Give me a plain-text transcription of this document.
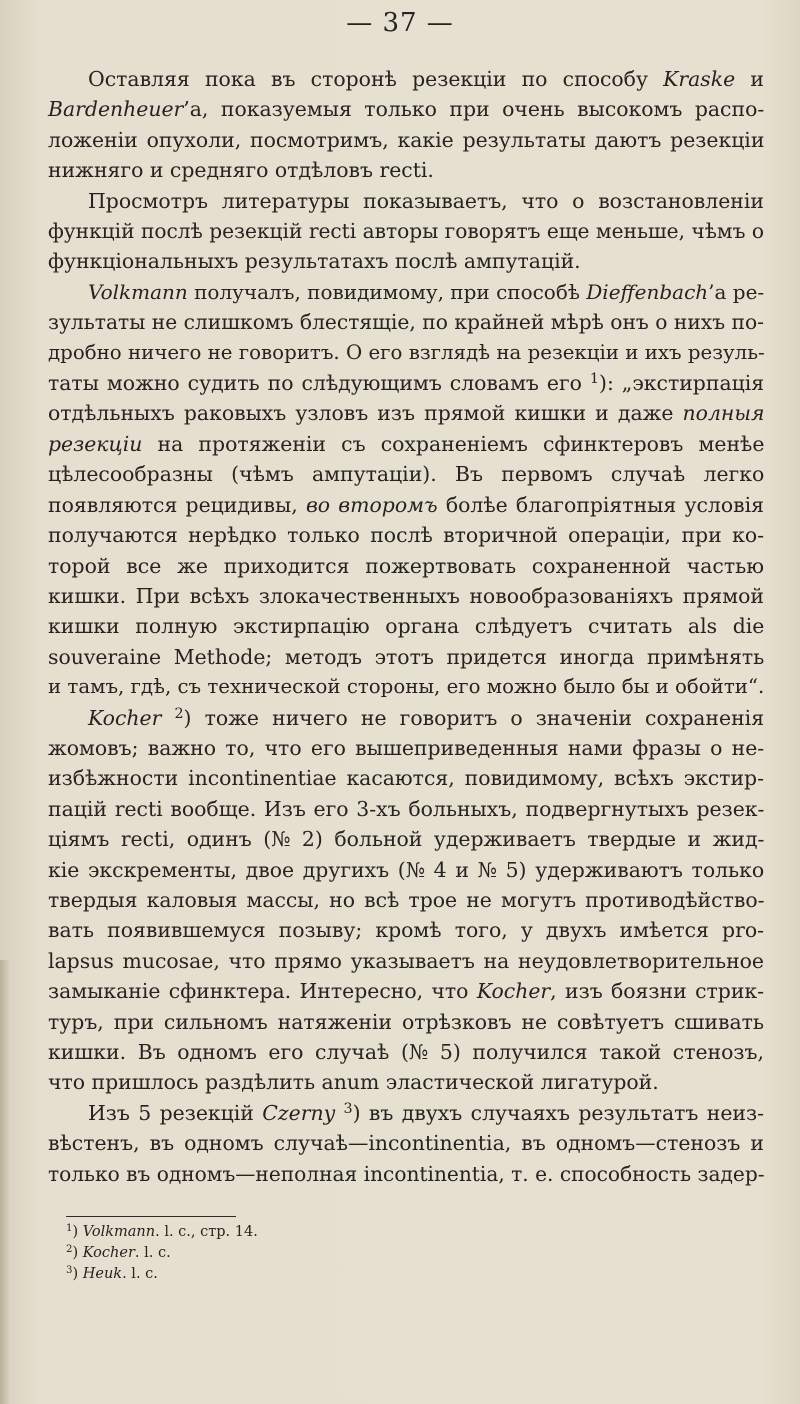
— 37 —
Оставляя пока въ сторонѣ резекціи по способу Kraske и
Bardenheuer’a, показуемыя только при очень высокомъ распо-
ложеніи опухоли, посмотримъ, какіе результаты даютъ резекціи
нижняго и средняго отдѣловъ recti.
Просмотръ литературы показываетъ, что о возстановленіи
функцій послѣ резекцій recti авторы говорятъ еще меньше, чѣмъ о
функціональныхъ результатахъ послѣ ампутацій.
Volkmann получалъ, повидимому, при способѣ Dieffenbach’a ре-
зультаты не слишкомъ блестящіе, по крайней мѣрѣ онъ о нихъ по-
дробно ничего не говоритъ. О его взглядѣ на резекціи и ихъ резуль-
таты можно судить по слѣдующимъ словамъ его $^1$): „экстирпація
отдѣльныхъ раковыхъ узловъ изъ прямой кишки и даже полныя
резекціи на протяженіи съ сохраненіемъ сфинктеровъ менѣе
цѣлесообразны (чѣмъ ампутаціи). Въ первомъ случаѣ легко
появляются рецидивы, во второмъ болѣе благопріятныя условія
получаются нерѣдко только послѣ вторичной операціи, при ко-
торой все же приходится пожертвовать сохраненной частью
кишки. При всѣхъ злокачественныхъ новообразованіяхъ прямой
кишки полную экстирпацію органа слѣдуетъ считать als die
souveraine Methode; методъ этотъ придется иногда примѣнять
и тамъ, гдѣ, съ технической стороны, его можно было бы и обойти“.
Kocher $^2$) тоже ничего не говоритъ о значеніи сохраненія
жомовъ; важно то, что его вышеприведенныя нами фразы о не-
избѣжности incontinentiae касаются, повидимому, всѣхъ экстир-
пацій recti вообще. Изъ его 3-хъ больныхъ, подвергнутыхъ резек-
ціямъ recti, одинъ (№ 2) больной удерживаетъ твердые и жид-
кіе экскременты, двое другихъ (№ 4 и № 5) удерживаютъ только
твердыя каловыя массы, но всѣ трое не могутъ противодѣйство-
вать появившемуся позыву; кромѣ того, у двухъ имѣется pro-
lapsus mucosae, что прямо указываетъ на неудовлетворительное
замыканіе сфинктера. Интересно, что Kocher, изъ боязни стрик-
туръ, при сильномъ натяженіи отрѣзковъ не совѣтуетъ сшивать
кишки. Въ одномъ его случаѣ (№ 5) получился такой стенозъ,
что пришлось раздѣлить anum эластической лигатурой.
Изъ 5 резекцій Czerny $^3$) въ двухъ случаяхъ результатъ неиз-
вѣстенъ, въ одномъ случаѣ—incontinentia, въ одномъ—стенозъ и
только въ одномъ—неполная incontinentia, т. е. способность задер-
$^1$) Volkmann. l. c., стр. 14.
$^2$) Kocher. l. c.
$^3$) Heuk. l. c.
